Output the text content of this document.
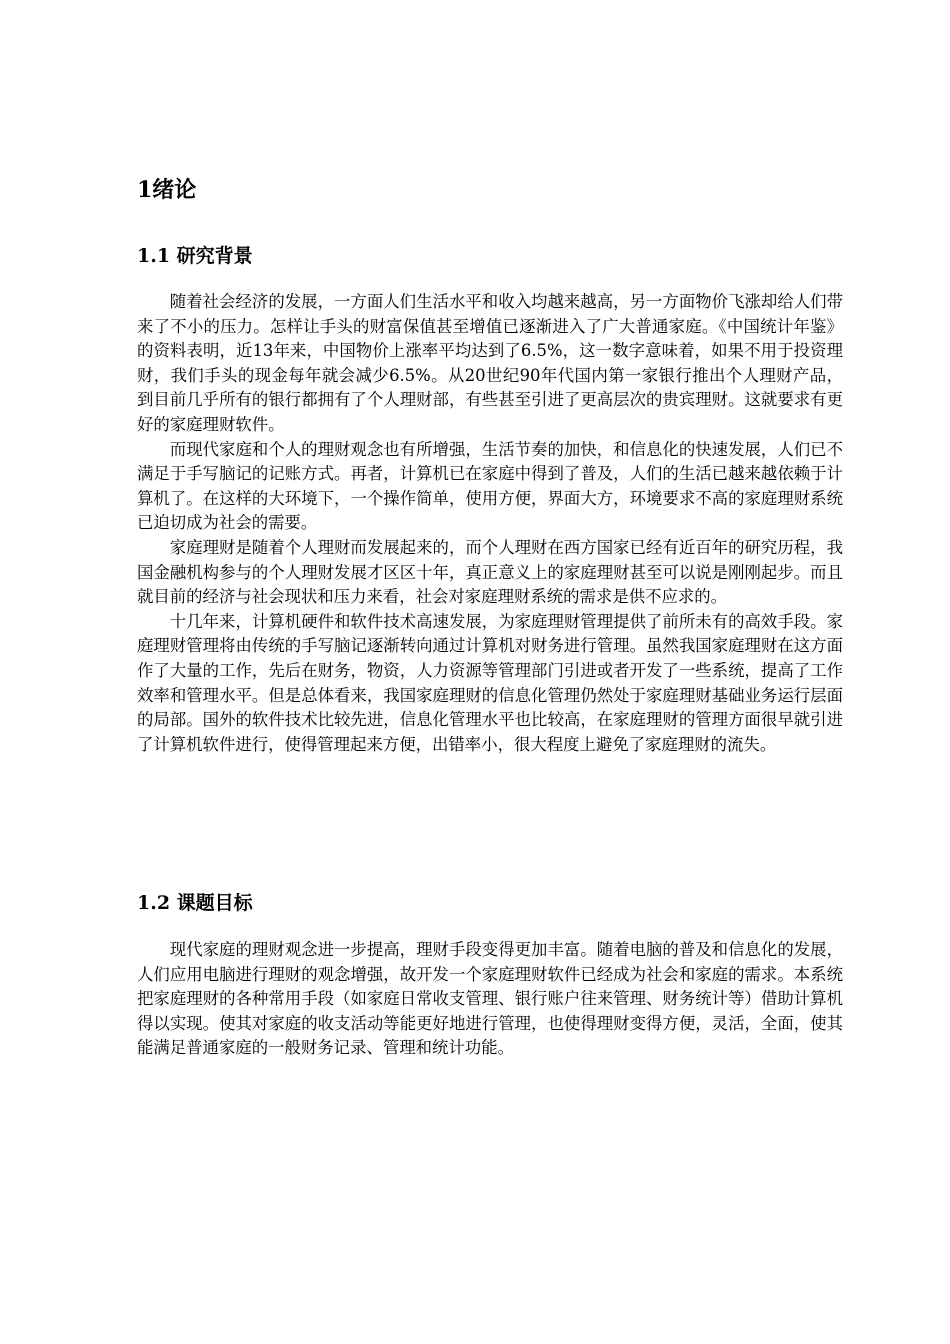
1绪论
1.1 研究背景

随着社会经济的发展，一方面人们生活水平和收入均越来越高，另一方面物价飞涨却给人们带来了不小的压力。怎样让手头的财富保值甚至增值已逐渐进入了广大普通家庭。《中国统计年鉴》的资料表明，近13年来，中国物价上涨率平均达到了6.5%，这一数字意味着，如果不用于投资理财，我们手头的现金每年就会减少6.5%。从20世纪90年代国内第一家银行推出个人理财产品，到目前几乎所有的银行都拥有了个人理财部，有些甚至引进了更高层次的贵宾理财。这就要求有更好的家庭理财软件。

而现代家庭和个人的理财观念也有所增强，生活节奏的加快，和信息化的快速发展，人们已不满足于手写脑记的记账方式。再者，计算机已在家庭中得到了普及，人们的生活已越来越依赖于计算机了。在这样的大环境下，一个操作简单，使用方便，界面大方，环境要求不高的家庭理财系统已迫切成为社会的需要。

家庭理财是随着个人理财而发展起来的，而个人理财在西方国家已经有近百年的研究历程，我国金融机构参与的个人理财发展才区区十年，真正意义上的家庭理财甚至可以说是刚刚起步。而且就目前的经济与社会现状和压力来看，社会对家庭理财系统的需求是供不应求的。

十几年来，计算机硬件和软件技术高速发展，为家庭理财管理提供了前所未有的高效手段。家庭理财管理将由传统的手写脑记逐渐转向通过计算机对财务进行管理。虽然我国家庭理财在这方面作了大量的工作，先后在财务，物资，人力资源等管理部门引进或者开发了一些系统，提高了工作效率和管理水平。但是总体看来，我国家庭理财的信息化管理仍然处于家庭理财基础业务运行层面的局部。国外的软件技术比较先进，信息化管理水平也比较高，在家庭理财的管理方面很早就引进了计算机软件进行，使得管理起来方便，出错率小，很大程度上避免了家庭理财的流失。

1.2 课题目标

现代家庭的理财观念进一步提高，理财手段变得更加丰富。随着电脑的普及和信息化的发展，人们应用电脑进行理财的观念增强，故开发一个家庭理财软件已经成为社会和家庭的需求。本系统把家庭理财的各种常用手段（如家庭日常收支管理、银行账户往来管理、财务统计等）借助计算机得以实现。使其对家庭的收支活动等能更好地进行管理，也使得理财变得方便，灵活，全面，使其能满足普通家庭的一般财务记录、管理和统计功能。
